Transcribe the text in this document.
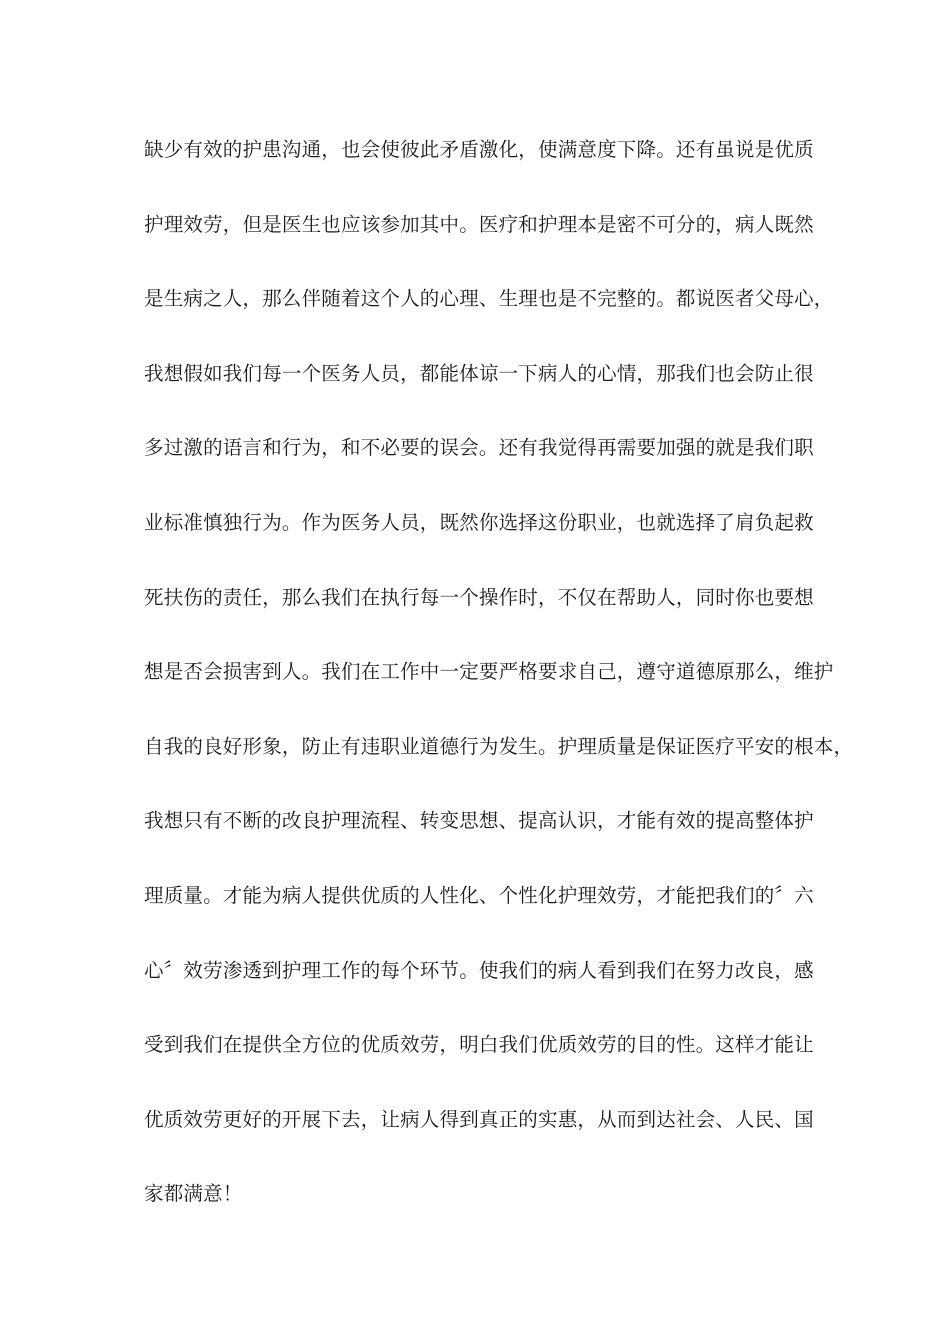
缺少有效的护患沟通，也会使彼此矛盾激化，使满意度下降。还有虽说是优质
护理效劳，但是医生也应该参加其中。医疗和护理本是密不可分的，病人既然
是生病之人，那么伴随着这个人的心理、生理也是不完整的。都说医者父母心，
我想假如我们每一个医务人员，都能体谅一下病人的心情，那我们也会防止很
多过激的语言和行为，和不必要的误会。还有我觉得再需要加强的就是我们职
业标准慎独行为。作为医务人员，既然你选择这份职业，也就选择了肩负起救
死扶伤的责任，那么我们在执行每一个操作时，不仅在帮助人，同时你也要想
想是否会损害到人。我们在工作中一定要严格要求自己，遵守道德原那么，维护
自我的良好形象，防止有违职业道德行为发生。护理质量是保证医疗平安的根本，
我想只有不断的改良护理流程、转变思想、提高认识，才能有效的提高整体护
理质量。才能为病人提供优质的人性化、个性化护理效劳，才能把我们的〞六
心〞效劳渗透到护理工作的每个环节。使我们的病人看到我们在努力改良，感
受到我们在提供全方位的优质效劳，明白我们优质效劳的目的性。这样才能让
优质效劳更好的开展下去，让病人得到真正的实惠，从而到达社会、人民、国
家都满意！
